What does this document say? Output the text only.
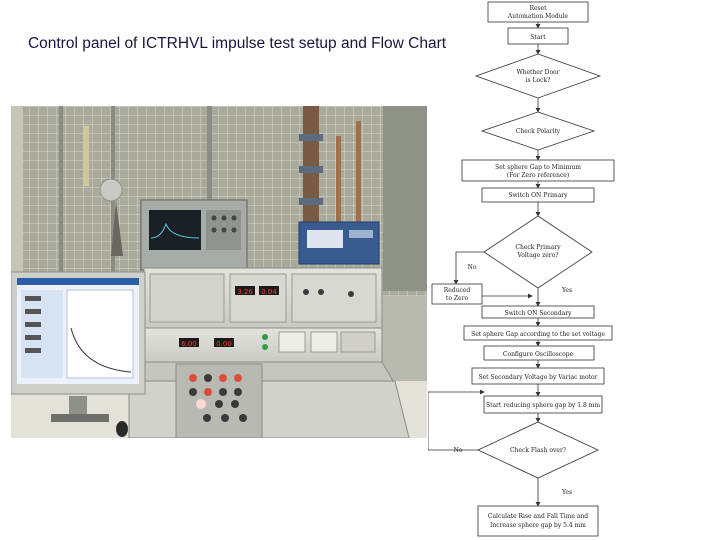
Control panel of ICTRHVL impulse test setup and Flow Chart
3.26 0.04
6.00	0.00
Reset
Automation Module
Start
Whether Door
is Lock?
Check Polarity
Set sphere Gap to Minimum
(For Zero reference)
Switch ON Primary
Check Primary
Voltage zero?
No
Reduced
to Zero
Yes
Switch ON Secondary
Set sphere Gap according to the set voltage
Configure Oscilloscope
Set Secondary Voltage by Variac motor
Start reducing sphere gap by 1.8 mm
Check Flash over?
No
Yes
Calculate Rise and Fall Time and
Increase sphere gap by 5.4 mm
